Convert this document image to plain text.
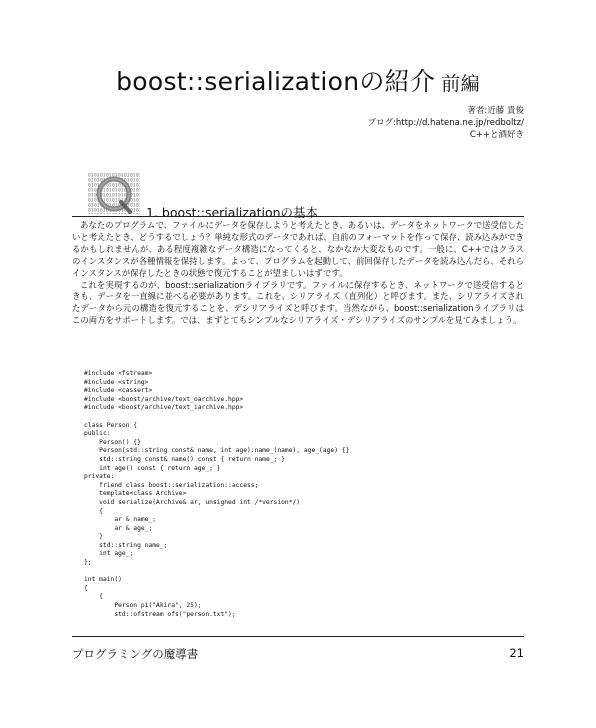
boost::serializationの紹介 前編
著者:近藤 貴俊
ブログ:http://d.hatena.ne.jp/redboltz/
C++と酒好き
1. boost::serializationの基本

あなたのプログラムで、ファイルにデータを保存しようと考えたとき、あるいは、データをネットワークで送受信したいと考えたとき、どうするでしょう？単純な形式のデータであれば、自前のフォーマットを作って保存、読み込みができるかもしれませんが、ある程度複雑なデータ構造になってくると、なかなか大変なものです。一般に、C++ではクラスのインスタンスが各種情報を保持します。よって、プログラムを起動して、前回保存したデータを読み込んだら、それらインスタンスが保存したときの状態で復元することが望ましいはずです。

これを実現するのが、boost::serializationライブラリです。ファイルに保存するとき、ネットワークで送受信するときも、データを一直線に並べる必要があります。これを、シリアライズ（直列化）と呼びます。また、シリアライズされたデータから元の構造を復元することを、デシリアライズと呼びます。当然ながら、boost::serializationライブラリはこの両方をサポートします。では、まずとてもシンプルなシリアライズ・デシリアライズのサンプルを見てみましょう。

#include <fstream>
#include <string>
#include <cassert>
#include <boost/archive/text_oarchive.hpp>
#include <boost/archive/text_iarchive.hpp>

class Person {
public:
Person() {}
Person(std::string const& name, int age):name_(name), age_(age) {}
std::string const& name() const { return name_; }
int age() const { return age_; }
private:
friend class boost::serialization::access;
template<class Archive>
void serialize(Archive& ar, unsigned int /*version*/)
{
ar & name_;
ar & age_;
}
std::string name_;
int age_;
};

int main()
{
{
Person p1("Akira", 25);
std::ofstream ofs("person.txt");
プログラミングの魔導書	21
